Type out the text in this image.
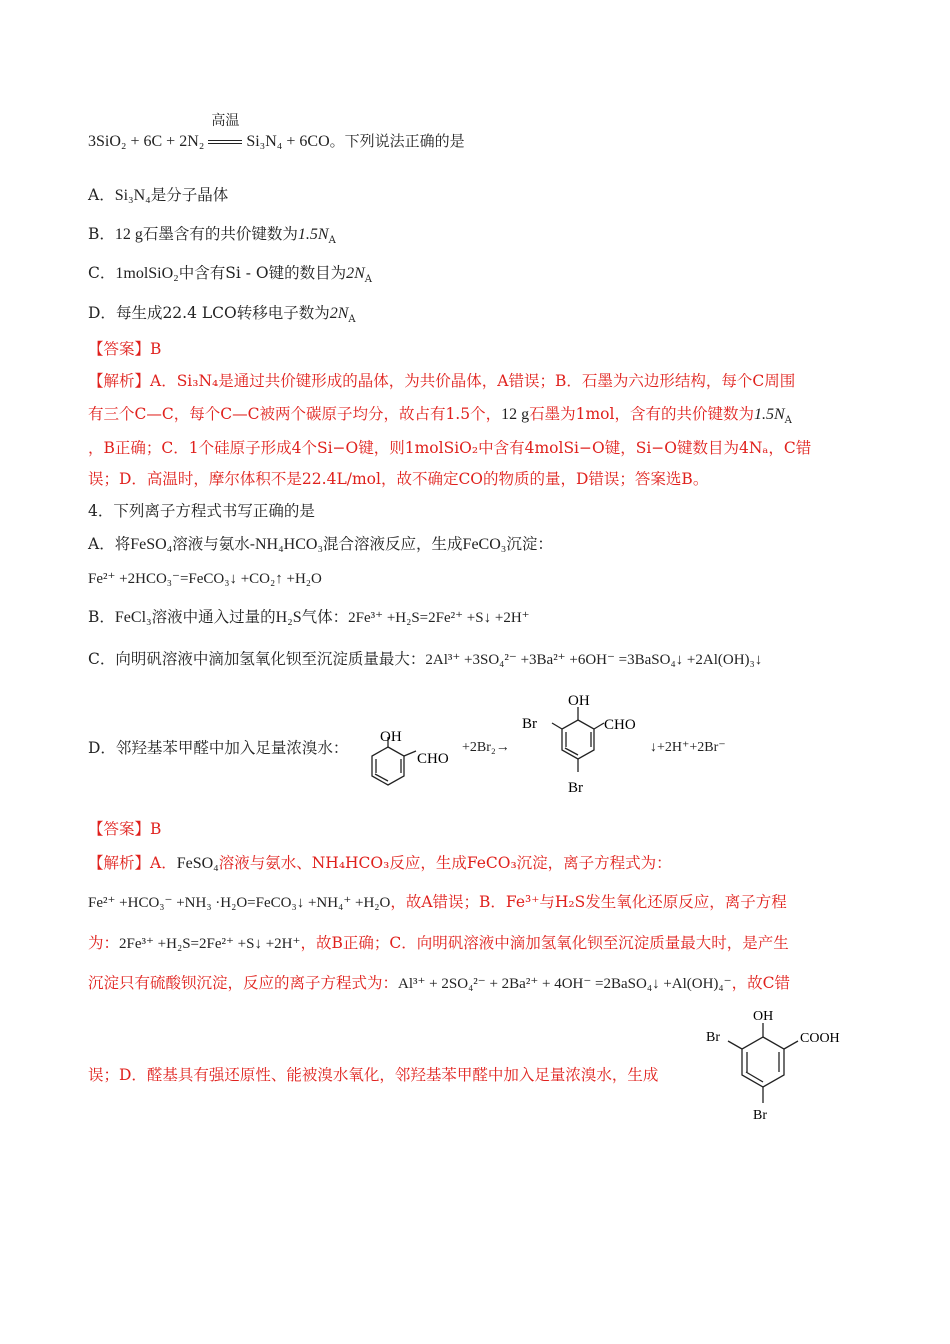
3SiO₂ + 6C + 2N₂
高温
Si₃N₄ + 6CO。下列说法正确的是
A．Si₃N₄是分子晶体
B．12 g石墨含有的共价键数为$1.5N_A$
C．1molSiO₂中含有Si - O键的数目为$2N_A$
D．每生成22.4 LCO转移电子数为$2N_A$
【答案】B
【解析】A．Si₃N₄是通过共价键形成的晶体，为共价晶体，A错误；B．石墨为六边形结构，每个C周围
有三个C—C，每个C—C被两个碳原子均分，故占有1.5个，12 g石墨为1mol，含有的共价键数为$1.5N_A$
，B正确；C．1个硅原子形成4个Si−O键，则1molSiO₂中含有4molSi−O键，Si−O键数目为4Nₐ，C错
误；D．高温时，摩尔体积不是22.4L/mol，故不确定CO的物质的量，D错误；答案选B。
4．下列离子方程式书写正确的是
A．将FeSO₄溶液与氨水-NH₄HCO₃混合溶液反应，生成FeCO₃沉淀：
Fe²⁺ +2HCO₃⁻=FeCO₃↓ +CO₂↑ +H₂O
B．FeCl₃溶液中通入过量的H₂S气体：2Fe³⁺ +H₂S=2Fe²⁺ +S↓ +2H⁺
C．向明矾溶液中滴加氢氧化钡至沉淀质量最大：2Al³⁺ +3SO₄²⁻ +3Ba²⁺ +6OH⁻ =3BaSO₄↓ +2Al(OH)₃↓
D．邻羟基苯甲醛中加入足量浓溴水：
OH
CHO
+2Br₂→
OH
CHO
Br
Br
↓+2H⁺+2Br⁻
【答案】B
【解析】A．FeSO₄溶液与氨水、NH₄HCO₃反应，生成FeCO₃沉淀，离子方程式为：
Fe²⁺ +HCO₃⁻ +NH₃ ·H₂O=FeCO₃↓ +NH₄⁺ +H₂O，故A错误；B．Fe³⁺与H₂S发生氧化还原反应，离子方程
为：2Fe³⁺ +H₂S=2Fe²⁺ +S↓ +2H⁺，故B正确；C．向明矾溶液中滴加氢氧化钡至沉淀质量最大时，是产生
沉淀只有硫酸钡沉淀，反应的离子方程式为：Al³⁺ + 2SO₄²⁻ + 2Ba²⁺ + 4OH⁻ =2BaSO₄↓ +Al(OH)₄⁻，故C错
误；D．醛基具有强还原性、能被溴水氧化，邻羟基苯甲醛中加入足量浓溴水，生成
OH
COOH
Br
Br
